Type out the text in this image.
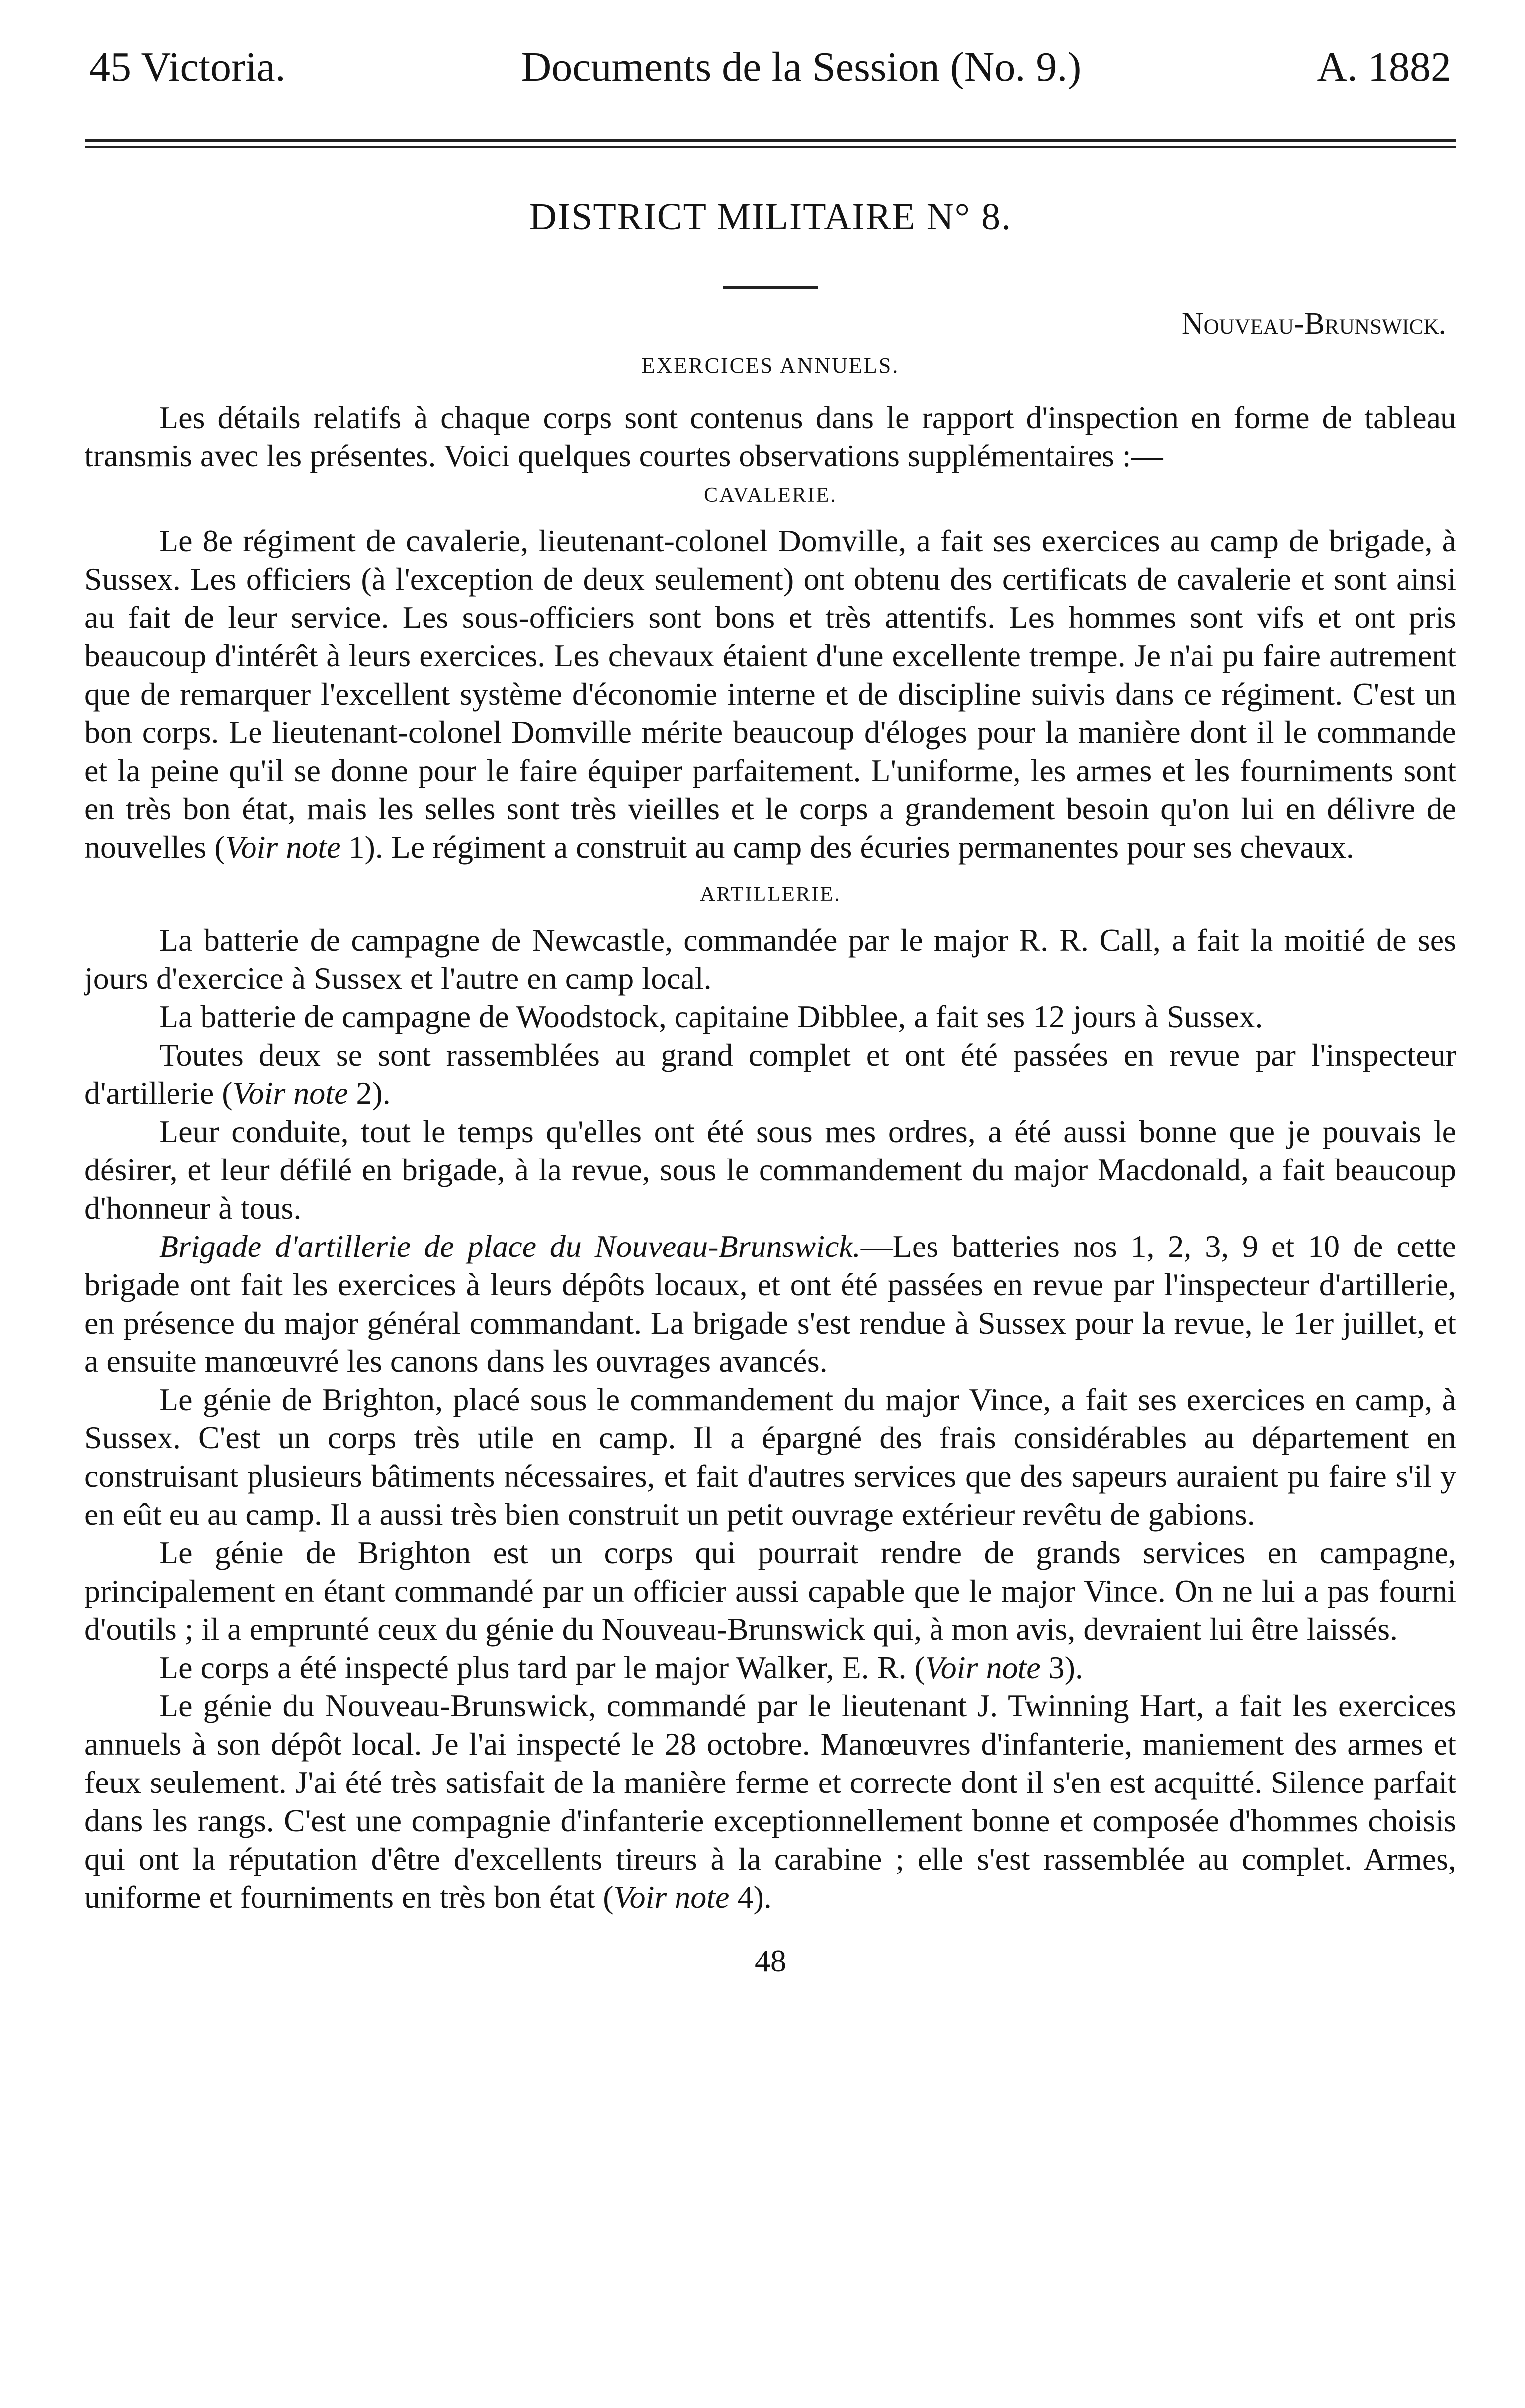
45 Victoria.	Documents de la Session (No. 9.)	A. 1882
DISTRICT MILITAIRE N° 8.
Nouveau-Brunswick.
EXERCICES ANNUELS.

Les détails relatifs à chaque corps sont contenus dans le rapport d'inspection en forme de tableau transmis avec les présentes. Voici quelques courtes observations supplémentaires :—

CAVALERIE.

Le 8e régiment de cavalerie, lieutenant-colonel Domville, a fait ses exercices au camp de brigade, à Sussex. Les officiers (à l'exception de deux seulement) ont obtenu des certificats de cavalerie et sont ainsi au fait de leur service. Les sous-officiers sont bons et très attentifs. Les hommes sont vifs et ont pris beaucoup d'intérêt à leurs exercices. Les chevaux étaient d'une excellente trempe. Je n'ai pu faire autrement que de remarquer l'excellent système d'économie interne et de discipline suivis dans ce régiment. C'est un bon corps. Le lieutenant-colonel Domville mérite beaucoup d'éloges pour la manière dont il le commande et la peine qu'il se donne pour le faire équiper parfaitement. L'uniforme, les armes et les fourniments sont en très bon état, mais les selles sont très vieilles et le corps a grandement besoin qu'on lui en délivre de nouvelles (Voir note 1). Le régiment a construit au camp des écuries permanentes pour ses chevaux.

ARTILLERIE.

La batterie de campagne de Newcastle, commandée par le major R. R. Call, a fait la moitié de ses jours d'exercice à Sussex et l'autre en camp local.

La batterie de campagne de Woodstock, capitaine Dibblee, a fait ses 12 jours à Sussex.

Toutes deux se sont rassemblées au grand complet et ont été passées en revue par l'inspecteur d'artillerie (Voir note 2).

Leur conduite, tout le temps qu'elles ont été sous mes ordres, a été aussi bonne que je pouvais le désirer, et leur défilé en brigade, à la revue, sous le commandement du major Macdonald, a fait beaucoup d'honneur à tous.

Brigade d'artillerie de place du Nouveau-Brunswick.—Les batteries nos 1, 2, 3, 9 et 10 de cette brigade ont fait les exercices à leurs dépôts locaux, et ont été passées en revue par l'inspecteur d'artillerie, en présence du major général commandant. La brigade s'est rendue à Sussex pour la revue, le 1er juillet, et a ensuite manœuvré les canons dans les ouvrages avancés.

Le génie de Brighton, placé sous le commandement du major Vince, a fait ses exercices en camp, à Sussex. C'est un corps très utile en camp. Il a épargné des frais considérables au département en construisant plusieurs bâtiments nécessaires, et fait d'autres services que des sapeurs auraient pu faire s'il y en eût eu au camp. Il a aussi très bien construit un petit ouvrage extérieur revêtu de gabions.

Le génie de Brighton est un corps qui pourrait rendre de grands services en campagne, principalement en étant commandé par un officier aussi capable que le major Vince. On ne lui a pas fourni d'outils ; il a emprunté ceux du génie du Nouveau-Brunswick qui, à mon avis, devraient lui être laissés.

Le corps a été inspecté plus tard par le major Walker, E. R. (Voir note 3).

Le génie du Nouveau-Brunswick, commandé par le lieutenant J. Twinning Hart, a fait les exercices annuels à son dépôt local. Je l'ai inspecté le 28 octobre. Manœuvres d'infanterie, maniement des armes et feux seulement. J'ai été très satisfait de la manière ferme et correcte dont il s'en est acquitté. Silence parfait dans les rangs. C'est une compagnie d'infanterie exceptionnellement bonne et composée d'hommes choisis qui ont la réputation d'être d'excellents tireurs à la carabine ; elle s'est rassemblée au complet. Armes, uniforme et fourniments en très bon état (Voir note 4).

48
